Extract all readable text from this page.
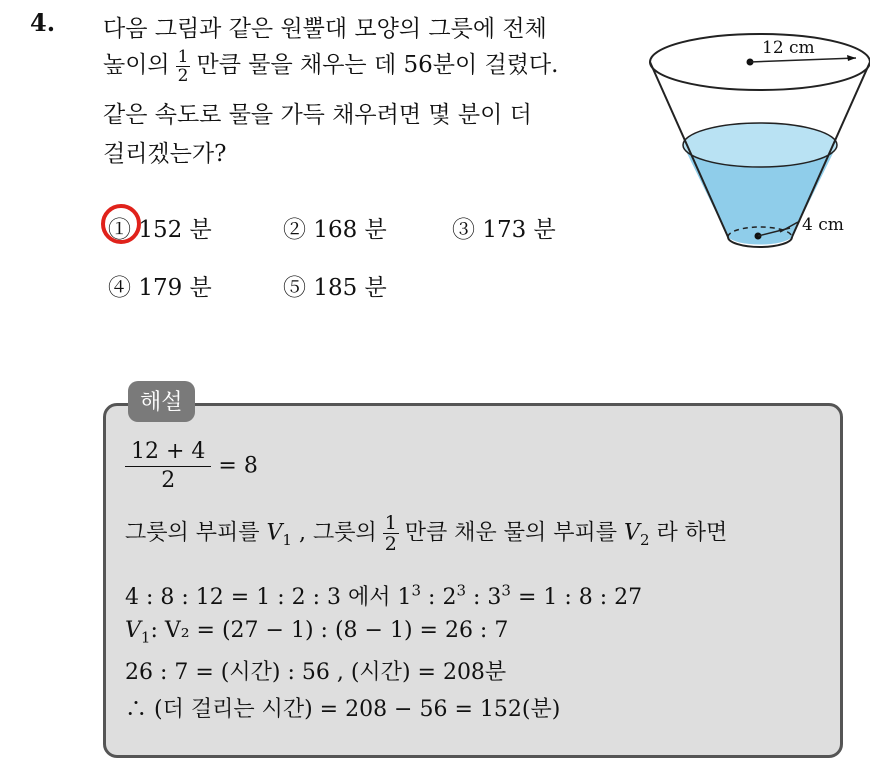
4. 다음 그림과 같은 원뿔대 모양의 그릇에 전체
높이의 $\frac{1}{2}$ 만큼 물을 채우는 데 56분이 걸렸다.
같은 속도로 물을 가득 채우려면 몇 분이 더
걸리겠는가?
① 152 분	② 168 분	③ 173 분
④ 179 분	⑤ 185 분
12 cm
4 cm
해설
$\frac{12 + 4}{2} = 8$
그릇의 부피를 $V_1$ , 그릇의 $\frac{1}{2}$ 만큼 채운 물의 부피를 $V_2$ 라 하면
4 : 8 : 12 = 1 : 2 : 3 에서 $1^3$ : $2^3$ : $3^3 = 1$ : 8 : 27
$V_1$: V₂ = (27 − 1) : (8 − 1) = 26 : 7
26 : 7 = (시간) : 56 , (시간) = 208분
∴ (더 걸리는 시간) = 208 − 56 = 152(분)
